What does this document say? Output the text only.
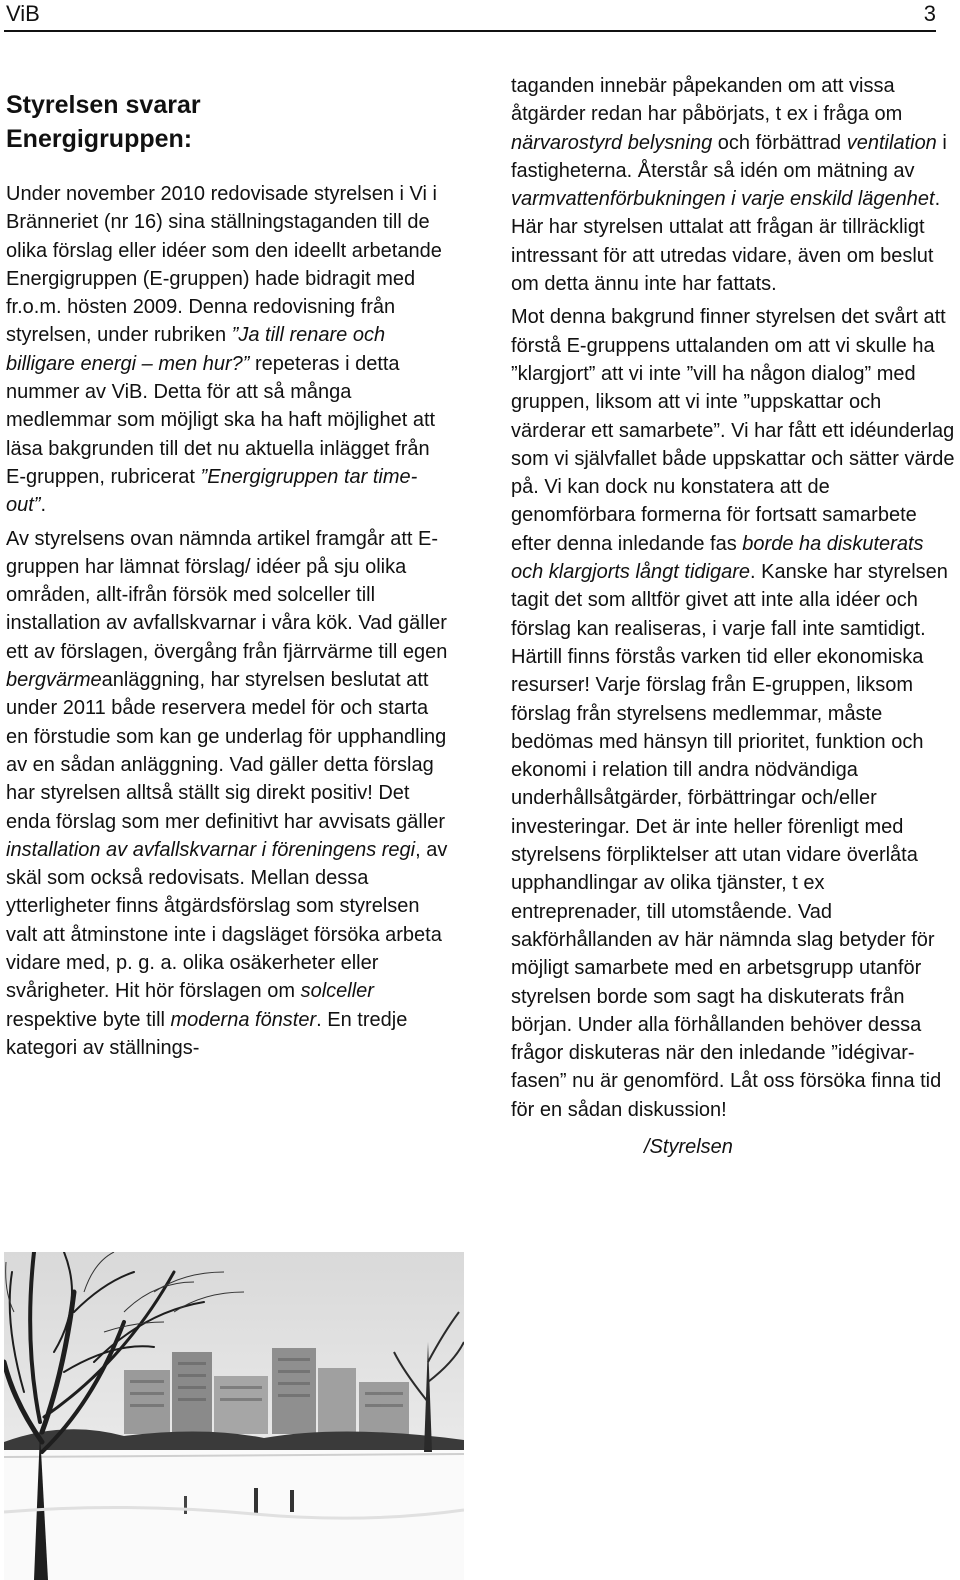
ViB	3
Styrelsen svarar
Energigruppen:

Under november 2010 redovisade styrelsen i Vi i Bränneriet (nr 16) sina ställningstaganden till de olika förslag eller idéer som den ideellt arbetande Energigruppen (E-gruppen) hade bidragit med fr.o.m. hösten 2009. Denna redovisning från styrelsen, under rubriken ”Ja till renare och billigare energi – men hur?” repeteras i detta nummer av ViB. Detta för att så många medlemmar som möjligt ska ha haft möjlighet att läsa bakgrunden till det nu aktuella inlägget från E-gruppen, rubricerat ”Energigruppen tar time-out”.

Av styrelsens ovan nämnda artikel framgår att E-gruppen har lämnat förslag/ idéer på sju olika områden, allt-ifrån försök med solceller till installation av avfallskvarnar i våra kök. Vad gäller ett av förslagen, övergång från fjärrvärme till egen bergvärmeanläggning, har styrelsen beslutat att under 2011 både reservera medel för och starta en förstudie som kan ge underlag för upphandling av en sådan anläggning. Vad gäller detta förslag har styrelsen alltså ställt sig direkt positiv! Det enda förslag som mer definitivt har avvisats gäller installation av avfallskvarnar i föreningens regi, av skäl som också redovisats. Mellan dessa ytterligheter finns åtgärdsförslag som styrelsen valt att åtminstone inte i dagsläget försöka arbeta vidare med, p. g. a. olika osäkerheter eller svårigheter. Hit hör förslagen om solceller respektive byte till moderna fönster. En tredje kategori av ställnings-

taganden innebär påpekanden om att vissa åtgärder redan har påbörjats, t ex i fråga om närvarostyrd belysning och förbättrad ventilation i fastigheterna. Återstår så idén om mätning av varmvattenförbukningen i varje enskild lägenhet. Här har styrelsen uttalat att frågan är tillräckligt intressant för att utredas vidare, även om beslut om detta ännu inte har fattats.

Mot denna bakgrund finner styrelsen det svårt att förstå E-gruppens uttalanden om att vi skulle ha ”klargjort” att vi inte ”vill ha någon dialog” med gruppen, liksom att vi inte ”uppskattar och värderar ett samarbete”. Vi har fått ett idéunderlag som vi självfallet både uppskattar och sätter värde på. Vi kan dock nu konstatera att de genomförbara formerna för fortsatt samarbete efter denna inledande fas borde ha diskuterats och klargjorts långt tidigare. Kanske har styrelsen tagit det som alltför givet att inte alla idéer och förslag kan realiseras, i varje fall inte samtidigt. Härtill finns förstås varken tid eller ekonomiska resurser! Varje förslag från E-gruppen, liksom förslag från styrelsens medlemmar, måste bedömas med hänsyn till prioritet, funktion och ekonomi i relation till andra nödvändiga underhållsåtgärder, förbättringar och/eller investeringar. Det är inte heller förenligt med styrelsens förpliktelser att utan vidare överlåta upphandlingar av olika tjänster, t ex entreprenader, till utomstående. Vad sakförhållanden av här nämnda slag betyder för möjligt samarbete med en arbetsgrupp utanför styrelsen borde som sagt ha diskuterats från början. Under alla förhållanden behöver dessa frågor diskuteras när den inledande ”idégivar-fasen” nu är genomförd. Låt oss försöka finna tid för en sådan diskussion!

/Styrelsen
